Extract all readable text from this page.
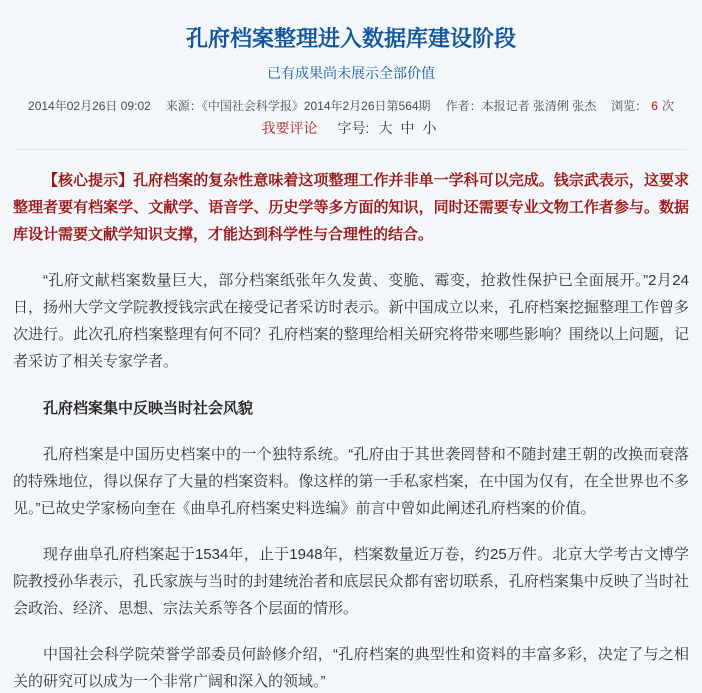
孔府档案整理进入数据库建设阶段
已有成果尚未展示全部价值
2014年02月26日 09:02 来源：《中国社会科学报》2014年2月26日第564期 作者：本报记者 张清俐 张杰 浏览： 6 次
我要评论 字号: 大 中 小

【核心提示】孔府档案的复杂性意味着这项整理工作并非单一学科可以完成。钱宗武表示，这要求整理者要有档案学、文献学、语音学、历史学等多方面的知识，同时还需要专业文物工作者参与。数据库设计需要文献学知识支撑，才能达到科学性与合理性的结合。

“孔府文献档案数量巨大，部分档案纸张年久发黄、变脆、霉变，抢救性保护已全面展开。”2月24日，扬州大学文学院教授钱宗武在接受记者采访时表示。新中国成立以来，孔府档案挖掘整理工作曾多次进行。此次孔府档案整理有何不同？孔府档案的整理给相关研究将带来哪些影响？围绕以上问题，记者采访了相关专家学者。

孔府档案集中反映当时社会风貌

孔府档案是中国历史档案中的一个独特系统。“孔府由于其世袭罔替和不随封建王朝的改换而衰落的特殊地位，得以保存了大量的档案资料。像这样的第一手私家档案，在中国为仅有，在全世界也不多见。”已故史学家杨向奎在《曲阜孔府档案史料选编》前言中曾如此阐述孔府档案的价值。

现存曲阜孔府档案起于1534年，止于1948年，档案数量近万卷，约25万件。北京大学考古文博学院教授孙华表示，孔氏家族与当时的封建统治者和底层民众都有密切联系，孔府档案集中反映了当时社会政治、经济、思想、宗法关系等各个层面的情形。

中国社会科学院荣誉学部委员何龄修介绍，“孔府档案的典型性和资料的丰富多彩，决定了与之相关的研究可以成为一个非常广阔和深入的领域。”
